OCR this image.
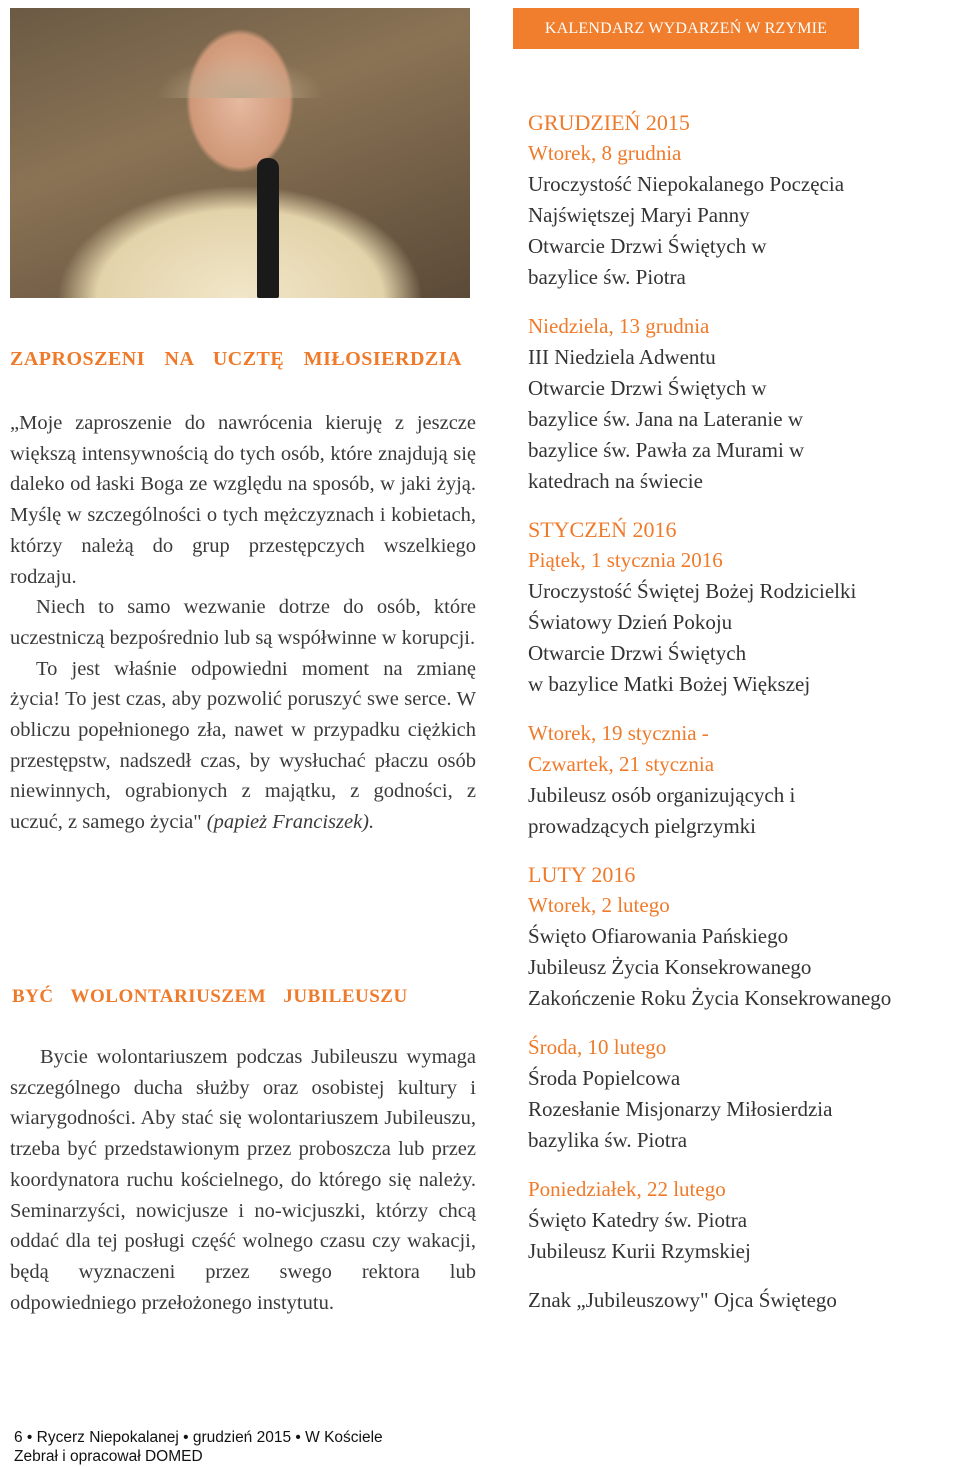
KALENDARZ WYDARZEŃ W RZYMIE
ZAPROSZENI NA UCZTĘ MIŁOSIERDZIA

„Moje zaproszenie do nawrócenia kieruję z jeszcze większą intensywnością do tych osób, które znajdują się daleko od łaski Boga ze względu na sposób, w jaki żyją. Myślę w szczególności o tych mężczyznach i kobietach, którzy należą do grup przestępczych wszelkiego rodzaju.

Niech to samo wezwanie dotrze do osób, które uczestniczą bezpośrednio lub są współwinne w korupcji.

To jest właśnie odpowiedni moment na zmianę życia! To jest czas, aby pozwolić poruszyć swe serce. W obliczu popełnionego zła, nawet w przypadku ciężkich przestępstw, nadszedł czas, by wysłuchać płaczu osób niewinnych, ograbionych z majątku, z godności, z uczuć, z samego życia" (papież Franciszek).

BYĆ WOLONTARIUSZEM JUBILEUSZU

Bycie wolontariuszem podczas Jubileuszu wymaga szczególnego ducha służby oraz osobistej kultury i wiarygodności. Aby stać się wolontariuszem Jubileuszu, trzeba być przedstawionym przez proboszcza lub przez koordynatora ruchu kościelnego, do którego się należy. Seminarzyści, nowicjusze i no-wicjuszki, którzy chcą oddać dla tej posługi część wolnego czasu czy wakacji, będą wyznaczeni przez swego rektora lub odpowiedniego przełożonego instytutu.

GRUDZIEŃ 2015

Wtorek, 8 grudnia

Uroczystość Niepokalanego Poczęcia

Najświętszej Maryi Panny

Otwarcie Drzwi Świętych w

bazylice św. Piotra

Niedziela, 13 grudnia

III Niedziela Adwentu

Otwarcie Drzwi Świętych w

bazylice św. Jana na Lateranie w

bazylice św. Pawła za Murami w

katedrach na świecie

STYCZEŃ 2016

Piątek, 1 stycznia 2016

Uroczystość Świętej Bożej Rodzicielki

Światowy Dzień Pokoju

Otwarcie Drzwi Świętych

w bazylice Matki Bożej Większej

Wtorek, 19 stycznia -

Czwartek, 21 stycznia

Jubileusz osób organizujących i

prowadzących pielgrzymki

LUTY 2016

Wtorek, 2 lutego

Święto Ofiarowania Pańskiego

Jubileusz Życia Konsekrowanego

Zakończenie Roku Życia Konsekrowanego

Środa, 10 lutego

Środa Popielcowa

Rozesłanie Misjonarzy Miłosierdzia

bazylika św. Piotra

Poniedziałek, 22 lutego

Święto Katedry św. Piotra

Jubileusz Kurii Rzymskiej

Znak „Jubileuszowy" Ojca Świętego

6 • Rycerz Niepokalanej • grudzień 2015 • W Kościele
Zebrał i opracował DOMED
